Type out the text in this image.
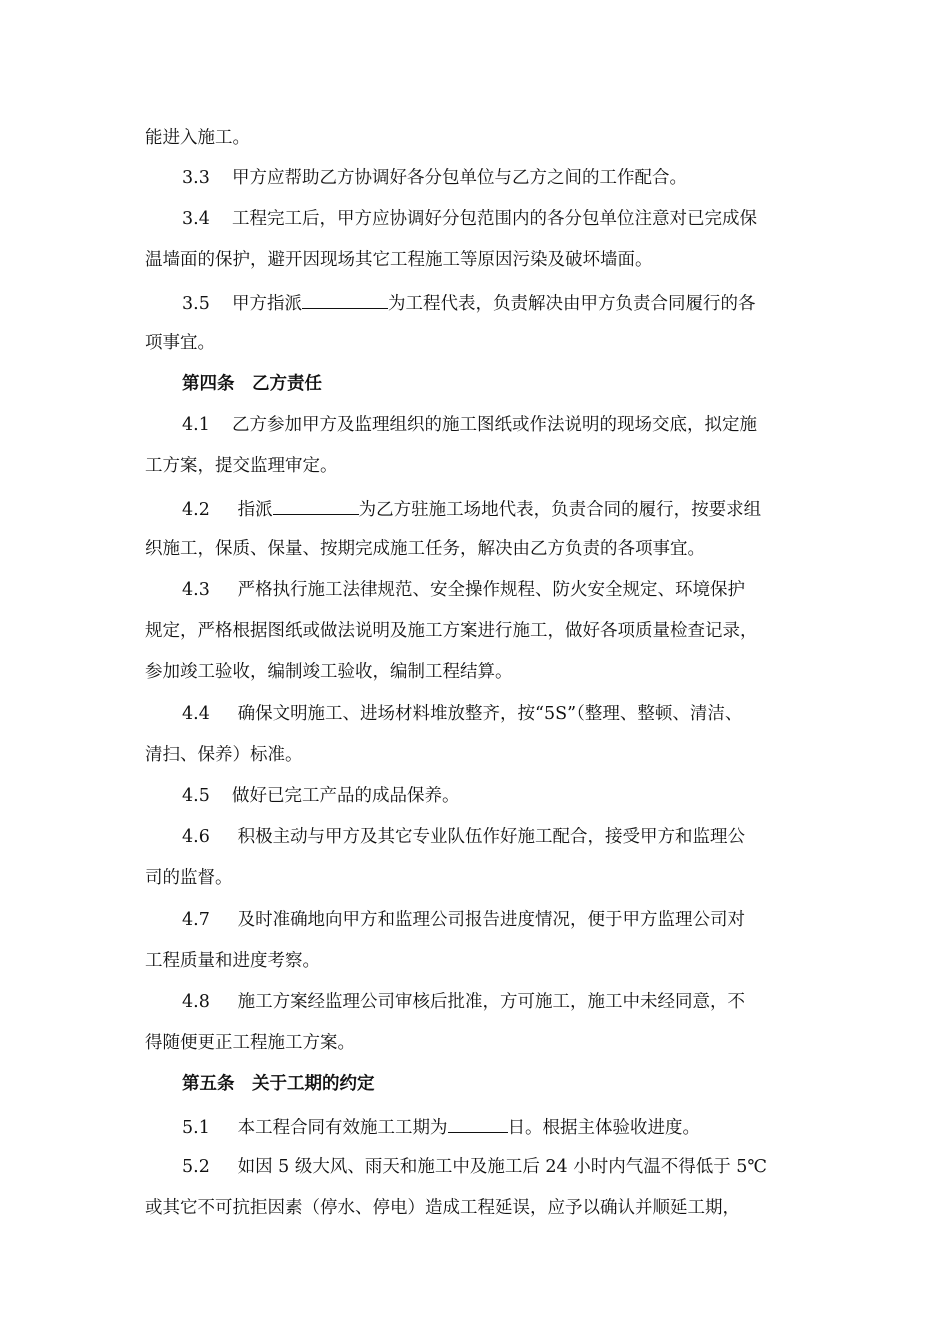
能进入施工。
3.3 甲方应帮助乙方协调好各分包单位与乙方之间的工作配合。
3.4 工程完工后，甲方应协调好分包范围内的各分包单位注意对已完成保
温墙面的保护，避开因现场其它工程施工等原因污染及破坏墙面。
3.5 甲方指派	为工程代表，负责解决由甲方负责合同履行的各
项事宜。
第四条　乙方责任
4.1 乙方参加甲方及监理组织的施工图纸或作法说明的现场交底，拟定施
工方案，提交监理审定。
4.2 指派	为乙方驻施工场地代表，负责合同的履行，按要求组
织施工，保质、保量、按期完成施工任务，解决由乙方负责的各项事宜。
4.3 严格执行施工法律规范、安全操作规程、防火安全规定、环境保护
规定，严格根据图纸或做法说明及施工方案进行施工，做好各项质量检查记录，
参加竣工验收，编制竣工验收，编制工程结算。
4.4 确保文明施工、进场材料堆放整齐，按“5S”（整理、整顿、清洁、
清扫、保养）标准。
4.5 做好已完工产品的成品保养。
4.6 积极主动与甲方及其它专业队伍作好施工配合，接受甲方和监理公
司的监督。
4.7 及时准确地向甲方和监理公司报告进度情况，便于甲方监理公司对
工程质量和进度考察。
4.8 施工方案经监理公司审核后批准，方可施工，施工中未经同意，不
得随便更正工程施工方案。
第五条　关于工期的约定
5.1 本工程合同有效施工工期为	日。根据主体验收进度。
5.2 如因 5 级大风、雨天和施工中及施工后 24 小时内气温不得低于 5℃
或其它不可抗拒因素（停水、停电）造成工程延误，应予以确认并顺延工期，
